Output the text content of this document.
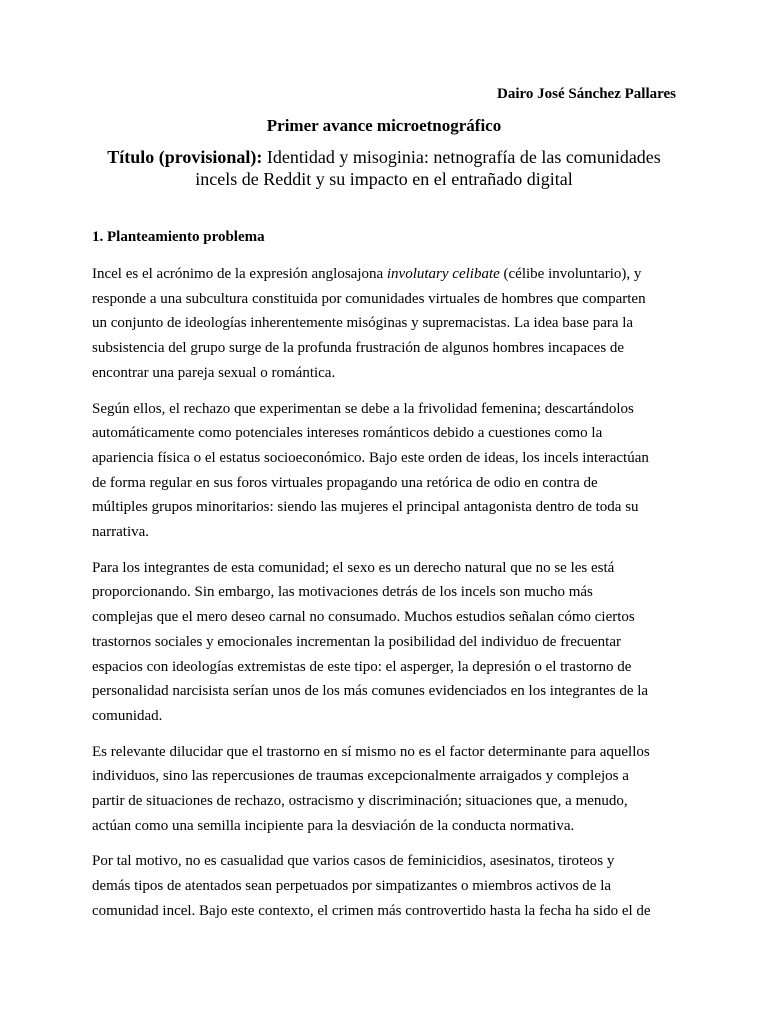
Dairo José Sánchez Pallares

Primer avance microetnográfico

Título (provisional): Identidad y misoginia: netnografía de las comunidades
incels de Reddit y su impacto en el entrañado digital

1. Planteamiento problema

Incel es el acrónimo de la expresión anglosajona involutary celibate (célibe involuntario), y
responde a una subcultura constituida por comunidades virtuales de hombres que comparten
un conjunto de ideologías inherentemente misóginas y supremacistas. La idea base para la
subsistencia del grupo surge de la profunda frustración de algunos hombres incapaces de
encontrar una pareja sexual o romántica.

Según ellos, el rechazo que experimentan se debe a la frivolidad femenina; descartándolos
automáticamente como potenciales intereses románticos debido a cuestiones como la
apariencia física o el estatus socioeconómico. Bajo este orden de ideas, los incels interactúan
de forma regular en sus foros virtuales propagando una retórica de odio en contra de
múltiples grupos minoritarios: siendo las mujeres el principal antagonista dentro de toda su
narrativa.

Para los integrantes de esta comunidad; el sexo es un derecho natural que no se les está
proporcionando. Sin embargo, las motivaciones detrás de los incels son mucho más
complejas que el mero deseo carnal no consumado. Muchos estudios señalan cómo ciertos
trastornos sociales y emocionales incrementan la posibilidad del individuo de frecuentar
espacios con ideologías extremistas de este tipo: el asperger, la depresión o el trastorno de
personalidad narcisista serían unos de los más comunes evidenciados en los integrantes de la
comunidad.

Es relevante dilucidar que el trastorno en sí mismo no es el factor determinante para aquellos
individuos, sino las repercusiones de traumas excepcionalmente arraigados y complejos a
partir de situaciones de rechazo, ostracismo y discriminación; situaciones que, a menudo,
actúan como una semilla incipiente para la desviación de la conducta normativa.

Por tal motivo, no es casualidad que varios casos de feminicidios, asesinatos, tiroteos y
demás tipos de atentados sean perpetuados por simpatizantes o miembros activos de la
comunidad incel. Bajo este contexto, el crimen más controvertido hasta la fecha ha sido el de
